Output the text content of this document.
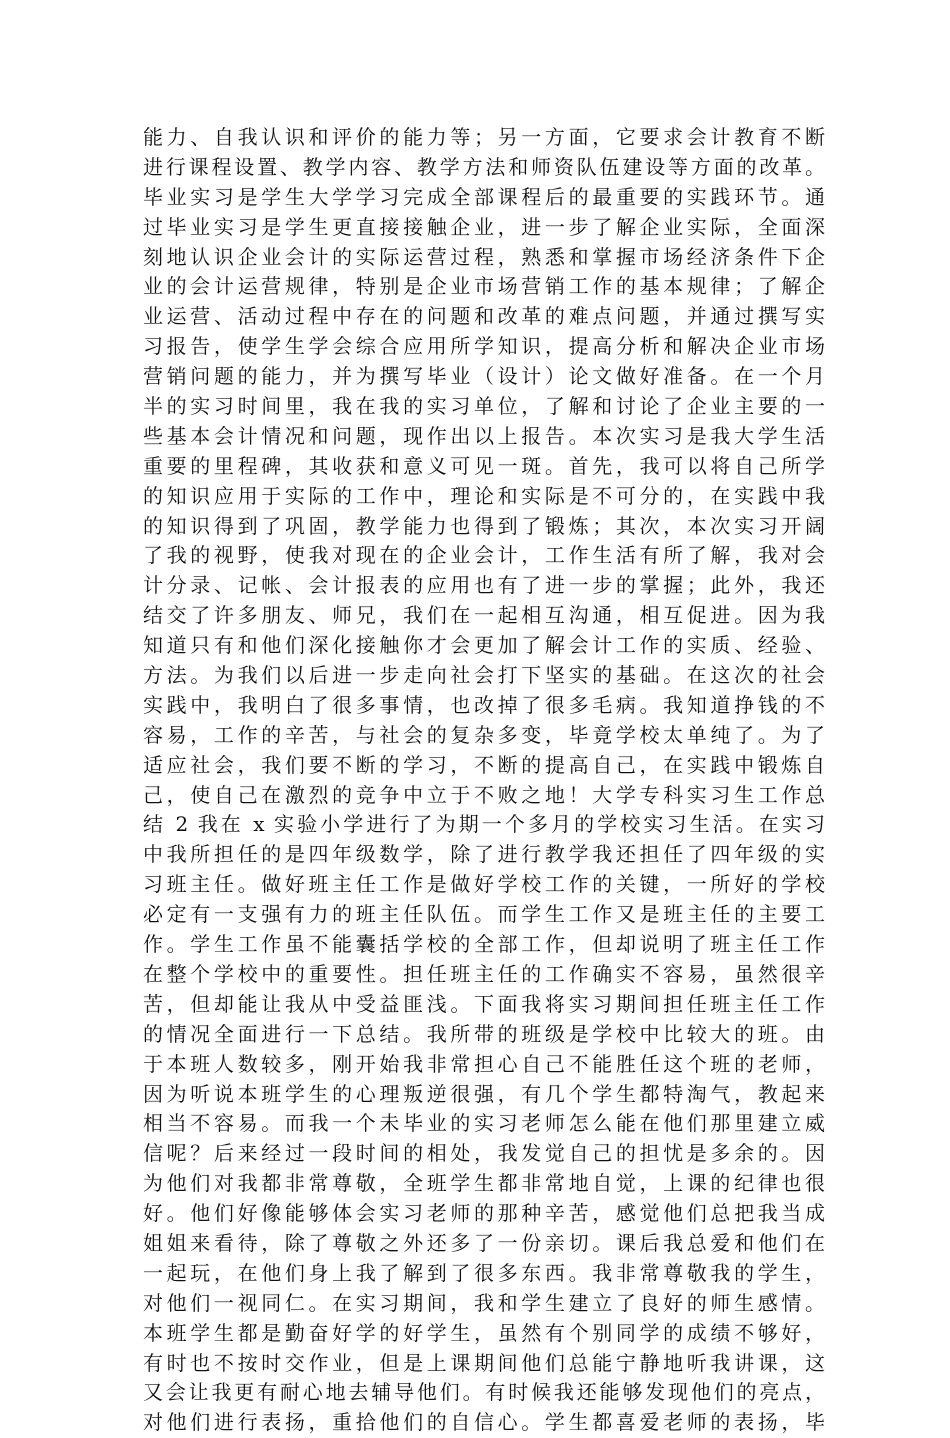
能力、自我认识和评价的能力等；另一方面，它要求会计教育不断
进行课程设置、教学内容、教学方法和师资队伍建设等方面的改革。
毕业实习是学生大学学习完成全部课程后的最重要的实践环节。通
过毕业实习是学生更直接接触企业，进一步了解企业实际，全面深
刻地认识企业会计的实际运营过程，熟悉和掌握市场经济条件下企
业的会计运营规律，特别是企业市场营销工作的基本规律；了解企
业运营、活动过程中存在的问题和改革的难点问题，并通过撰写实
习报告，使学生学会综合应用所学知识，提高分析和解决企业市场
营销问题的能力，并为撰写毕业（设计）论文做好准备。在一个月
半的实习时间里，我在我的实习单位，了解和讨论了企业主要的一
些基本会计情况和问题，现作出以上报告。本次实习是我大学生活
重要的里程碑，其收获和意义可见一斑。首先，我可以将自己所学
的知识应用于实际的工作中，理论和实际是不可分的，在实践中我
的知识得到了巩固，教学能力也得到了锻炼；其次，本次实习开阔
了我的视野，使我对现在的企业会计，工作生活有所了解，我对会
计分录、记帐、会计报表的应用也有了进一步的掌握；此外，我还
结交了许多朋友、师兄，我们在一起相互沟通，相互促进。因为我
知道只有和他们深化接触你才会更加了解会计工作的实质、经验、
方法。为我们以后进一步走向社会打下坚实的基础。在这次的社会
实践中，我明白了很多事情，也改掉了很多毛病。我知道挣钱的不
容易，工作的辛苦，与社会的复杂多变，毕竟学校太单纯了。为了
适应社会，我们要不断的学习，不断的提高自己，在实践中锻炼自
己，使自己在激烈的竞争中立于不败之地！大学专科实习生工作总
结 2 我在 x 实验小学进行了为期一个多月的学校实习生活。在实习
中我所担任的是四年级数学，除了进行教学我还担任了四年级的实
习班主任。做好班主任工作是做好学校工作的关键，一所好的学校
必定有一支强有力的班主任队伍。而学生工作又是班主任的主要工
作。学生工作虽不能囊括学校的全部工作，但却说明了班主任工作
在整个学校中的重要性。担任班主任的工作确实不容易，虽然很辛
苦，但却能让我从中受益匪浅。下面我将实习期间担任班主任工作
的情况全面进行一下总结。我所带的班级是学校中比较大的班。由
于本班人数较多，刚开始我非常担心自己不能胜任这个班的老师，
因为听说本班学生的心理叛逆很强，有几个学生都特淘气，教起来
相当不容易。而我一个未毕业的实习老师怎么能在他们那里建立威
信呢？后来经过一段时间的相处，我发觉自己的担忧是多余的。因
为他们对我都非常尊敬，全班学生都非常地自觉，上课的纪律也很
好。他们好像能够体会实习老师的那种辛苦，感觉他们总把我当成
姐姐来看待，除了尊敬之外还多了一份亲切。课后我总爱和他们在
一起玩，在他们身上我了解到了很多东西。我非常尊敬我的学生，
对他们一视同仁。在实习期间，我和学生建立了良好的师生感情。
本班学生都是勤奋好学的好学生，虽然有个别同学的成绩不够好，
有时也不按时交作业，但是上课期间他们总能宁静地听我讲课，这
又会让我更有耐心地去辅导他们。有时候我还能够发现他们的亮点，
对他们进行表扬，重拾他们的自信心。学生都喜爱老师的表扬，毕
